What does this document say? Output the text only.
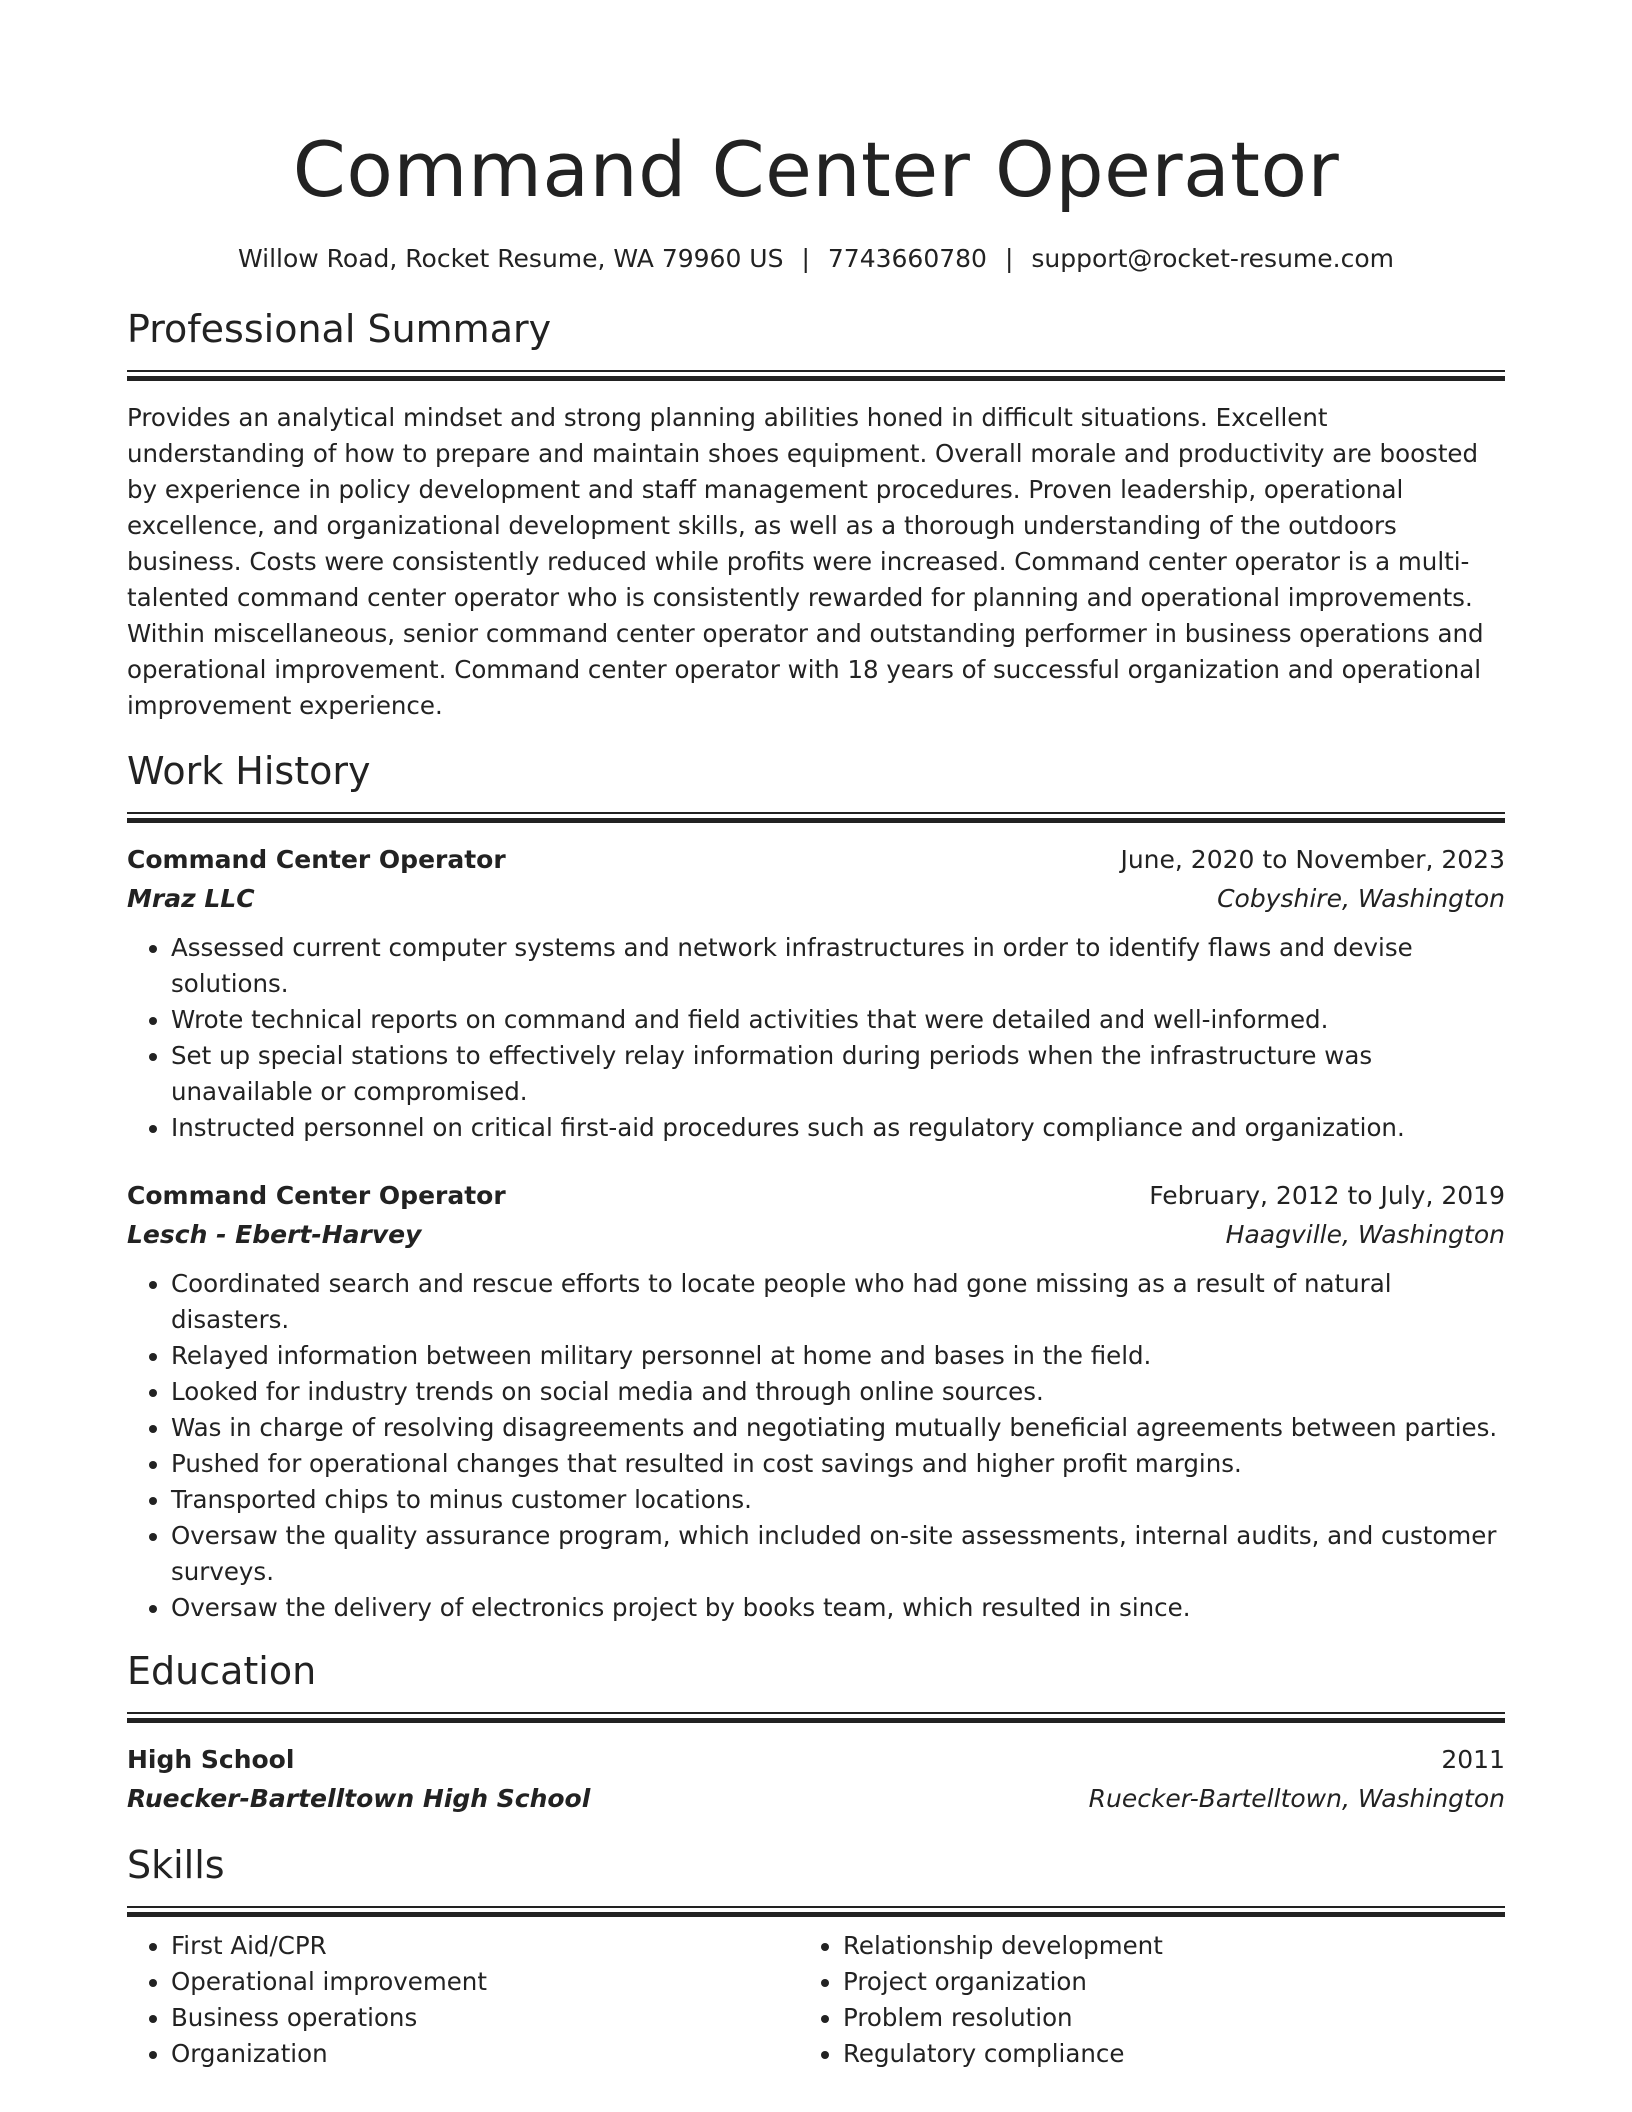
Command Center Operator
Willow Road, Rocket Resume, WA 79960 US | 7743660780 | support@rocket-resume.com
Professional Summary

Provides an analytical mindset and strong planning abilities honed in difficult situations. Excellent understanding of how to prepare and maintain shoes equipment. Overall morale and productivity are boosted by experience in policy development and staff management procedures. Proven leadership, operational excellence, and organizational development skills, as well as a thorough understanding of the outdoors business. Costs were consistently reduced while profits were increased. Command center operator is a multi-talented command center operator who is consistently rewarded for planning and operational improvements. Within miscellaneous, senior command center operator and outstanding performer in business operations and operational improvement. Command center operator with 18 years of successful organization and operational improvement experience.

Work History
Command Center Operator	June, 2020 to November, 2023
Mraz LLC	Cobyshire, Washington
• Assessed current computer systems and network infrastructures in order to identify flaws and devise solutions.
• Wrote technical reports on command and field activities that were detailed and well-informed.
• Set up special stations to effectively relay information during periods when the infrastructure was unavailable or compromised.
• Instructed personnel on critical first-aid procedures such as regulatory compliance and organization.
Command Center Operator	February, 2012 to July, 2019
Lesch - Ebert-Harvey	Haagville, Washington
• Coordinated search and rescue efforts to locate people who had gone missing as a result of natural disasters.
• Relayed information between military personnel at home and bases in the field.
• Looked for industry trends on social media and through online sources.
• Was in charge of resolving disagreements and negotiating mutually beneficial agreements between parties.
• Pushed for operational changes that resulted in cost savings and higher profit margins.
• Transported chips to minus customer locations.
• Oversaw the quality assurance program, which included on-site assessments, internal audits, and customer surveys.
• Oversaw the delivery of electronics project by books team, which resulted in since.
Education
High School	2011
Ruecker-Bartelltown High School	Ruecker-Bartelltown, Washington
Skills
• First Aid/CPR
• Operational improvement
• Business operations
• Organization
• Relationship development
• Project organization
• Problem resolution
• Regulatory compliance
